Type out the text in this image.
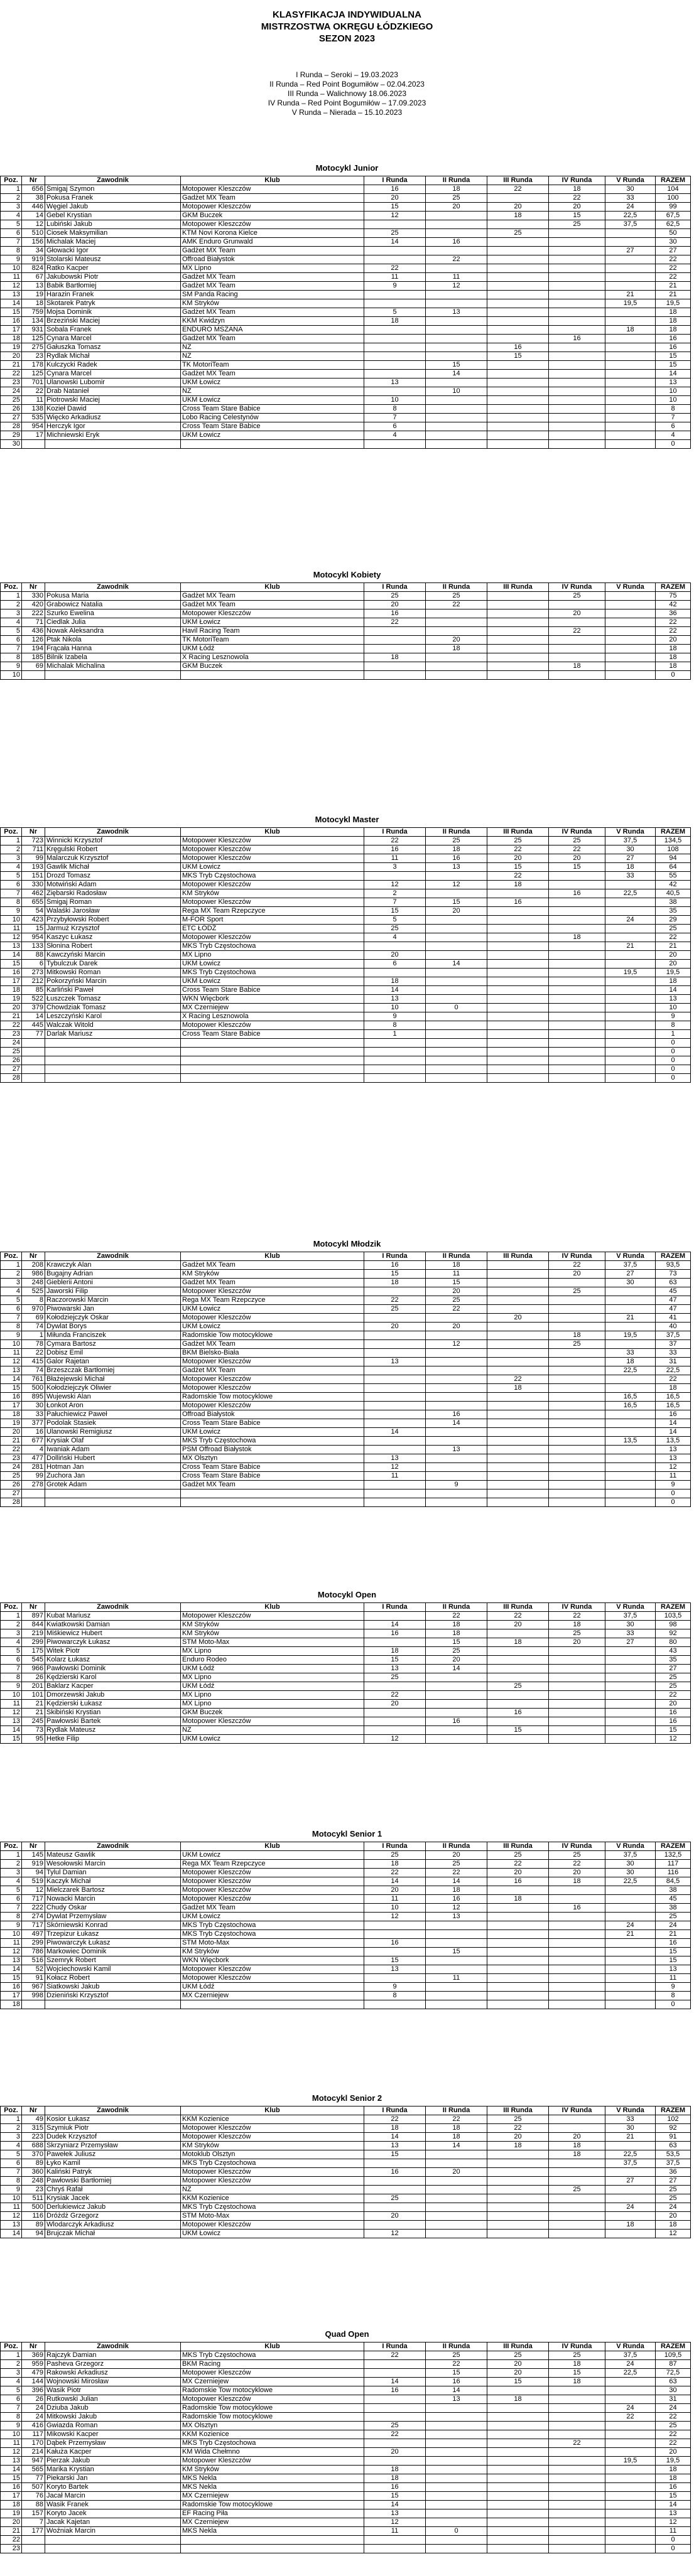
KLASYFIKACJA INDYWIDUALNA
MISTRZOSTWA OKRĘGU ŁÓDZKIEGO
SEZON 2023
I Runda – Seroki – 19.03.2023
II Runda – Red Point Bogumiłów – 02.04.2023
III Runda – Walichnowy 18.06.2023
IV Runda – Red Point Bogumiłów – 17.09.2023
V Runda – Nieradа – 15.10.2023
Motocykl Junior
Poz.	Nr	Zawodnik	Klub	I Runda	II Runda	III Runda	IV Runda	V Runda	RAZEM
1	656	Śmigaj Szymon	Motopower Kleszczów	16	18	22	18	30	104
2	38	Pokusa Franek	Gadżet MX Team	20	25		22	33	100
3	446	Węgiel Jakub	Motopower Kleszczów	15	20	20	20	24	99
4	14	Gebel Krystian	GKM Buczek	12		18	15	22,5	67,5
5	12	Lubiński Jakub	Motopower Kleszczów				25	37,5	62,5
6	510	Ciosek Maksymilian	KTM Novi Korona Kielce	25		25			50
7	156	Michalak Maciej	AMK Enduro Grunwald	14	16				30
8	34	Głowacki Igor	Gadżet MX Team					27	27
9	919	Stolarski Mateusz	Offroad Białystok		22				22
10	824	Ratko Kacper	MX Lipno	22					22
11	67	Jakubowski Piotr	Gadżet MX Team	11	11				22
12	13	Babik Bartłomiej	Gadżet MX Team	9	12				21
13	19	Harazin Franek	SM Panda Racing					21	21
14	18	Skotarek Patryk	KM Stryków					19,5	19,5
15	759	Mojsa Dominik	Gadżet MX Team	5	13				18
16	134	Brzeziński Maciej	KKM Kwidzyn	18					18
17	931	Sobala Franek	ENDURO MSZANA					18	18
18	125	Cynara Marcel	Gadżet MX Team				16		16
19	275	Gałuszka Tomasz	NZ			16			16
20	23	Rydlak Michał	NZ			15			15
21	178	Kulczycki Radek	TK MotoriTeam		15				15
22	125	Cynara Marcel	Gadżet MX Team		14				14
23	701	Ulanowski Lubomir	UKM Łowicz	13					13
24	22	Drab Natanieł	NZ		10				10
25	11	Piotrowski Maciej	UKM Łowicz	10					10
26	138	Kozieł Dawid	Cross Team Stare Babice	8					8
27	535	Więcko Arkadiusz	Lobo Racing Celestynów	7					7
28	954	Herczyk Igor	Cross Team Stare Babice	6					6
29	17	Michniewski Eryk	UKM Łowicz	4					4
30									0
Motocykl Kobiety
Poz.	Nr	Zawodnik	Klub	I Runda	II Runda	III Runda	IV Runda	V Runda	RAZEM
1	330	Pokusa Maria	Gadżet MX Team	25	25		25		75
2	420	Grabowicz Natalia	Gadżet MX Team	20	22				42
3	222	Szurko Ewelina	Motopower Kleszczów	16			20		36
4	71	Ciedlak Julia	UKM Łowicz	22					22
5	436	Nowak Aleksandra	Havil Racing Team				22		22
6	126	Ptak Nikola	TK MotoriTeam		20				20
7	194	Frącała Hanna	UKM Łódź		18				18
8	185	Bilnik Izabela	X Racing Lesznowola	18					18
9	69	Michalak Michalina	GKM Buczek				18		18
10									0
Motocykl Master
Poz.	Nr	Zawodnik	Klub	I Runda	II Runda	III Runda	IV Runda	V Runda	RAZEM
1	723	Winnicki Krzysztof	Motopower Kleszczów	22	25	25	25	37,5	134,5
2	711	Kręgulski Robert	Motopower Kleszczów	16	18	22	22	30	108
3	99	Malarczuk Krzysztof	Motopower Kleszczów	11	16	20	20	27	94
4	193	Gawlik Michał	UKM Łowicz	3	13	15	15	18	64
5	151	Drozd Tomasz	MKS Tryb Częstochowa			22		33	55
6	330	Motwiński Adam	Motopower Kleszczów	12	12	18			42
7	462	Ziębarski Radosław	KM Stryków	2			16	22,5	40,5
8	655	Śmigaj Roman	Motopower Kleszczów	7	15	16			38
9	54	Walaśki Jarosław	Rega MX Team Rzepczyce	15	20				35
10	423	Przybyłowski Robert	M-FOR Sport	5				24	29
11	15	Jarmuż Krzysztof	ETC ŁÓDŹ	25					25
12	954	Kaszyc Łukasz	Motopower Kleszczów	4			18		22
13	133	Słonina Robert	MKS Tryb Częstochowa					21	21
14	88	Kawczyński Marcin	MX Lipno	20					20
15	6	Tybulczuk Darek	UKM Łowicz	6	14				20
16	273	Mitkowski Roman	MKS Tryb Częstochowa					19,5	19,5
17	212	Pokorzyński Marcin	UKM Łowicz	18					18
18	85	Karliński Paweł	Cross Team Stare Babice	14					14
19	522	Łuszczek Tomasz	WKN Więcbork	13					13
20	379	Chowdziak Tomasz	MX Czerniejew	10	0				10
21	14	Leszczyński Karol	X Racing Lesznowola	9					9
22	445	Walczak Witold	Motopower Kleszczów	8					8
23	77	Darlak Mariusz	Cross Team Stare Babice	1					1
24									0
25									0
26									0
27									0
28									0
Motocykl Młodzik
Poz.	Nr	Zawodnik	Klub	I Runda	II Runda	III Runda	IV Runda	V Runda	RAZEM
1	208	Krawczyk Alan	Gadżet MX Team	16	18		22	37,5	93,5
2	986	Bugajny Adrian	KM Stryków	15	11		20	27	73
3	248	Gieblerii Antoni	Gadżet MX Team	18	15			30	63
4	525	Jaworski Filip	Motopower Kleszczów		20		25		45
5	8	Raczorowski Marcin	Rega MX Team Rzepczyce	22	25				47
6	970	Piwowarski Jan	UKM Łowicz	25	22				47
7	69	Kołodziejczyk Oskar	Motopower Kleszczów			20		21	41
8	74	Dywlat Borys	UKM Łowicz	20	20				40
9	1	Miłunda Franciszek	Radomskie Tow motocyklowe				18	19,5	37,5
10	78	Cymara Bartosz	Gadżet MX Team		12		25		37
11	22	Dobisz Emil	BKM Bielsko-Biała					33	33
12	415	Galor Rajetan	Motopower Kleszczów	13				18	31
13	74	Brzeszczak Bartłomiej	Gadżet MX Team					22,5	22,5
14	761	Błażejewski Michał	Motopower Kleszczów			22			22
15	500	Kołodziejczyk Oliwier	Motopower Kleszczów			18			18
16	895	Wujewski Alan	Radomskie Tow motocyklowe					16,5	16,5
17	30	Łonkot Aron	Motopower Kleszczów					16,5	16,5
18	33	Pałuchiewicz Paweł	Offroad Białystok		16				16
19	377	Podolak Stasiek	Cross Team Stare Babice		14				14
20	16	Ulanowski Remigiusz	UKM Łowicz	14					14
21	677	Krysiak Olaf	MKS Tryb Częstochowa					13,5	13,5
22	4	Iwaniak Adam	PSM Offroad Białystok		13				13
23	477	Dolliński Hubert	MX Olsztyn	13					13
24	281	Hotman Jan	Cross Team Stare Babice	12					12
25	99	Zuchora Jan	Cross Team Stare Babice	11					11
26	278	Grotek Adam	Gadżet MX Team		9				9
27									0
28									0
Motocykl Open
Poz.	Nr	Zawodnik	Klub	I Runda	II Runda	III Runda	IV Runda	V Runda	RAZEM
1	897	Kubat Mariusz	Motopower Kleszczów		22	22	22	37,5	103,5
2	844	Kwiatkowski Damian	KM Stryków	14	18	20	18	30	98
3	219	Miśkiewicz Hubert	KM Stryków	16	18		25	33	92
4	299	Piwowarczyk Łukasz	STM Moto-Max		15	18	20	27	80
5	175	Witek Piotr	MX Lipno	18	25				43
6	545	Kolarz Łukasz	Enduro Rodeo	15	20				35
7	966	Pawłowski Dominik	UKM Łódź	13	14				27
8	26	Kędzierski Karol	MX Lipno	25					25
9	201	Baklarz Kacper	UKM Łódź			25			25
10	101	Dmorzewski Jakub	MX Lipno	22					22
11	21	Kędzierski Łukasz	MX Lipno	20					20
12	21	Skibiński Krystian	GKM Buczek			16			16
13	245	Pawłowski Bartek	Motopower Kleszczów		16				16
14	73	Rydlak Mateusz	NZ			15			15
15	95	Hetke Filip	UKM Łowicz	12					12
Motocykl Senior 1
Poz.	Nr	Zawodnik	Klub	I Runda	II Runda	III Runda	IV Runda	V Runda	RAZEM
1	145	Mateusz Gawlik	UKM Łowicz	25	20	25	25	37,5	132,5
2	919	Wesołowski Marcin	Rega MX Team Rzepczyce	18	25	22	22	30	117
3	94	Tylul Damian	Motopower Kleszczów	22	22	20	20	30	116
4	519	Kaczyk Michał	Motopower Kleszczów	14	14	16	18	22,5	84,5
5	12	Mielczarek Bartosz	Motopower Kleszczów	20	18				38
6	717	Nowacki Marcin	Motopower Kleszczów	11	16	18			45
7	222	Chudy Oskar	Gadżet MX Team	10	12		16		38
8	274	Dywlat Przemysław	UKM Łowicz	12	13				25
9	717	Skórniewski Konrad	MKS Tryb Częstochowa					24	24
10	497	Trzepizur Łukasz	MKS Tryb Częstochowa					21	21
11	299	Piwowarczyk Łukasz	STM Moto-Max	16					16
12	786	Markowiec Dominik	KM Stryków		15				15
13	516	Szemryk Robert	WKN Więcbork	15					15
14	52	Wojciechowski Kamil	Motopower Kleszczów	13					13
15	91	Kołacz Robert	Motopower Kleszczów		11				11
16	967	Siatkowski Jakub	UKM Łódź	9					9
17	998	Dzieniński Krzysztof	MX Czerniejew	8					8
18									0
Motocykl Senior 2
Poz.	Nr	Zawodnik	Klub	I Runda	II Runda	III Runda	IV Runda	V Runda	RAZEM
1	49	Kosior Łukasz	KKM Kozienice	22	22	25		33	102
2	315	Szymiuk Piotr	Motopower Kleszczów	18	18	22		30	92
3	223	Dudek Krzysztof	Motopower Kleszczów	14	18	20	20	21	91
4	688	Skrzyniarz Przemysław	KM Stryków	13	14	18	18		63
5	370	Pawełek Juliusz	Motoklub Olsztyn	15			18	22,5	53,5
6	89	Łyko Kamil	MKS Tryb Częstochowa					37,5	37,5
7	360	Kaliński Patryk	Motopower Kleszczów	16	20				36
8	248	Pawłowski Bartłomiej	Motopower Kleszczów					27	27
9	23	Chryś Rafał	NZ				25		25
10	511	Krysiak Jacek	KKM Kozienice	25					25
11	500	Derlukiewicz Jakub	MKS Tryb Częstochowa					24	24
12	116	Dróżdż Grzegorz	STM Moto-Max	20					20
13	89	Wlodarczyk Arkadiusz	Motopower Kleszczów					18	18
14	94	Brujczak Michał	UKM Łowicz	12					12
Quad Open
Poz.	Nr	Zawodnik	Klub	I Runda	II Runda	III Runda	IV Runda	V Runda	RAZEM
1	369	Rajczyk Damian	MKS Tryb Częstochowa	22	25	25	25	37,5	109,5
2	959	Pasheva Grzegorz	BKM Racing		22	20	18	24	87
3	479	Rakowski Arkadiusz	Motopower Kleszczów		15	20	15	22,5	72,5
4	144	Wojnowski Mirosław	MX Czerniejew	14	16	15	18		63
5	396	Wasik Piotr	Radomskie Tow motocyklowe	16	14				30
6	26	Rutkowski Julian	Motopower Kleszczów		13	18			31
7	24	Dziuba Jakub	Radomskie Tow motocyklowe					24	24
8	24	Mitkowski Jakub	Radomskie Tow motocyklowe					22	22
9	416	Gwiazda Roman	MX Olsztyn	25					25
10	117	Mikowski Kacper	KKM Kozienice	22					22
11	170	Dąbek Przemysław	MKS Tryb Częstochowa				22		22
12	214	Kałuża Kacper	KM Wida Chełmno	20					20
13	947	Pierzak Jakub	Motopower Kleszczów					19,5	19,5
14	565	Marika Krystian	KM Stryków	18					18
15	77	Piekarski Jan	MKS Nekla	18					18
16	507	Koryto Bartek	MKS Nekla	16					16
17	76	Jacał Marcin	MX Czerniejew	15					15
18	88	Wasik Franek	Radomskie Tow motocyklowe	14					14
19	157	Koryto Jacek	EF Racing Piła	13					13
20	7	Jacak Kajetan	MX Czerniejew	12					12
21	177	Woźniak Marcin	MKS Nekla	11	0				11
22									0
23									0
